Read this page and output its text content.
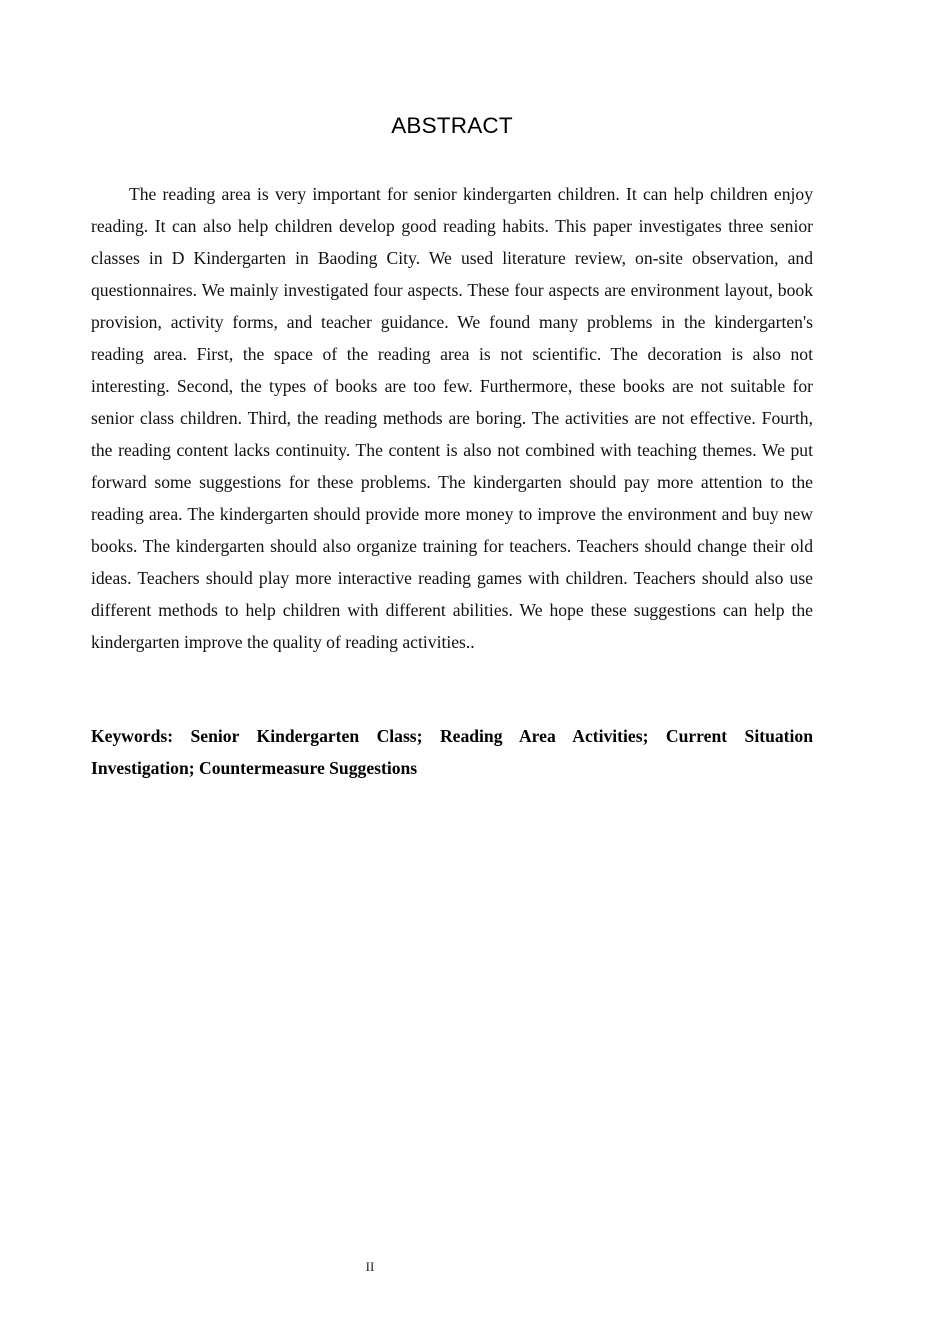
ABSTRACT

The reading area is very important for senior kindergarten children. It can help children enjoy reading. It can also help children develop good reading habits. This paper investigates three senior classes in D Kindergarten in Baoding City. We used literature review, on-site observation, and questionnaires. We mainly investigated four aspects. These four aspects are environment layout, book provision, activity forms, and teacher guidance. We found many problems in the kindergarten's reading area. First, the space of the reading area is not scientific. The decoration is also not interesting. Second, the types of books are too few. Furthermore, these books are not suitable for senior class children. Third, the reading methods are boring. The activities are not effective. Fourth, the reading content lacks continuity. The content is also not combined with teaching themes. We put forward some suggestions for these problems. The kindergarten should pay more attention to the reading area. The kindergarten should provide more money to improve the environment and buy new books. The kindergarten should also organize training for teachers. Teachers should change their old ideas. Teachers should play more interactive reading games with children. Teachers should also use different methods to help children with different abilities. We hope these suggestions can help the kindergarten improve the quality of reading activities..

Keywords: Senior Kindergarten Class; Reading Area Activities; Current Situation Investigation; Countermeasure Suggestions

II
